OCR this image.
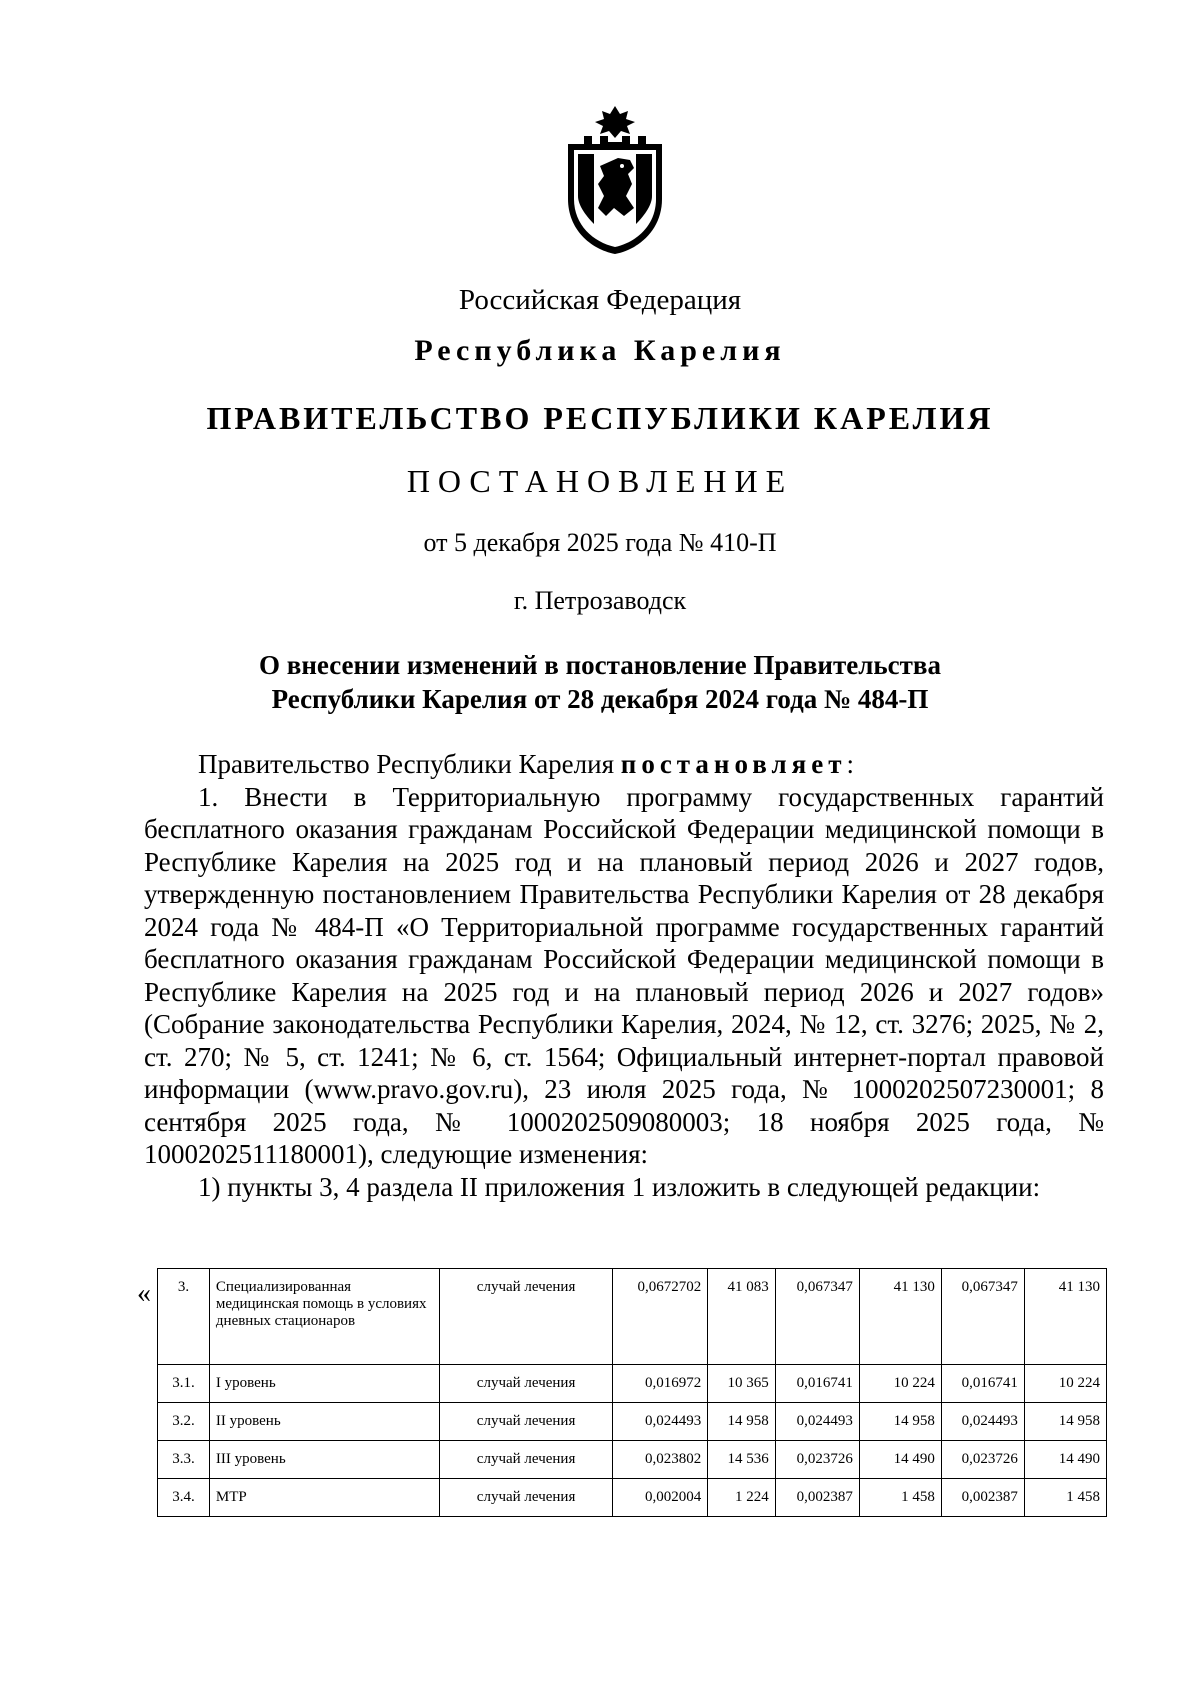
Российская Федерация
Республика Карелия
ПРАВИТЕЛЬСТВО РЕСПУБЛИКИ КАРЕЛИЯ
ПОСТАНОВЛЕНИЕ
от 5 декабря 2025 года № 410-П
г. Петрозаводск
О внесении изменений в постановление Правительства
Республики Карелия от 28 декабря 2024 года № 484-П

Правительство Республики Карелия постановляет:

1. Внести в Территориальную программу государственных гарантий бесплатного оказания гражданам Российской Федерации медицинской помощи в Республике Карелия на 2025 год и на плановый период 2026 и 2027 годов, утвержденную постановлением Правительства Республики Карелия от 28 декабря 2024 года № 484-П «О Территориальной программе государственных гарантий бесплатного оказания гражданам Российской Федерации медицинской помощи в Республике Карелия на 2025 год и на плановый период 2026 и 2027 годов» (Собрание законодательства Республики Карелия, 2024, № 12, ст. 3276; 2025, № 2, ст. 270; № 5, ст. 1241; № 6, ст. 1564; Официальный интернет-портал правовой информации (www.pravo.gov.ru), 23 июля 2025 года, № 1000202507230001; 8 сентября 2025 года, № 1000202509080003; 18 ноября 2025 года, № 1000202511180001), следующие изменения:

1) пункты 3, 4 раздела II приложения 1 изложить в следующей редакции:

« 3.	Специализированная медицинская помощь в условиях дневных стационаров	случай лечения	0,0672702	41 083	0,067347	41 130	0,067347	41 130
3.1.	I уровень	случай лечения	0,016972	10 365	0,016741	10 224	0,016741	10 224
3.2.	II уровень	случай лечения	0,024493	14 958	0,024493	14 958	0,024493	14 958
3.3.	III уровень	случай лечения	0,023802	14 536	0,023726	14 490	0,023726	14 490
3.4.	МТР	случай лечения	0,002004	1 224	0,002387	1 458	0,002387	1 458
